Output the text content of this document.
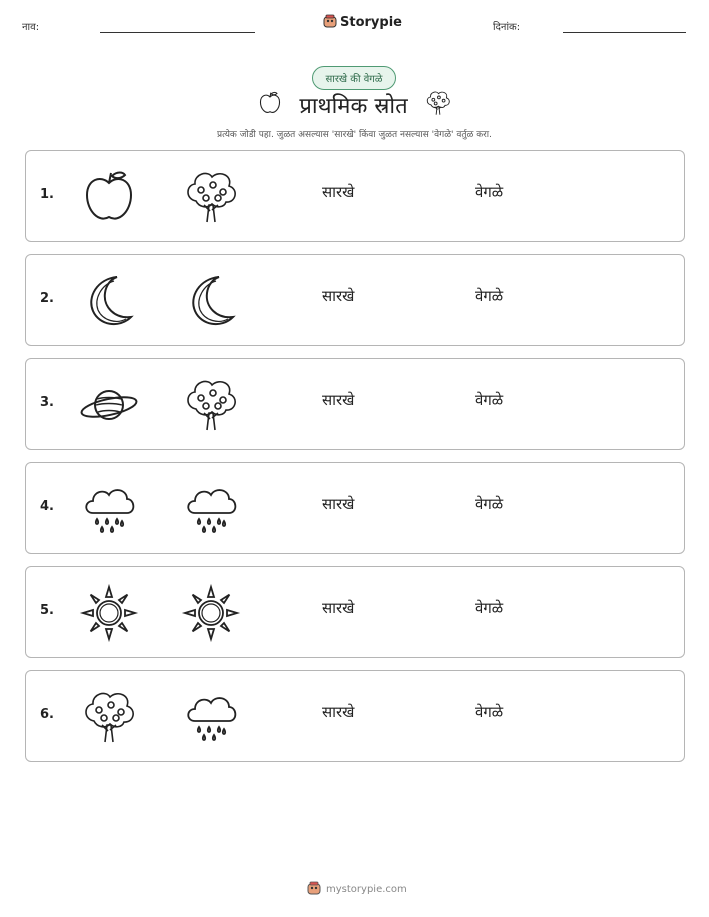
नाव:	Storypie	दिनांक:
सारखे की वेगळे
प्राथमिक स्रोत
प्रत्येक जोडी पहा. जुळत असल्यास 'सारखे' किंवा जुळत नसल्यास 'वेगळे' वर्तुळ करा.
1.	सारखे	वेगळे
2.	सारखे	वेगळे
3.	सारखे	वेगळे
4.	सारखे	वेगळे
5.	सारखे	वेगळे
6.	सारखे	वेगळे
mystorypie.com
